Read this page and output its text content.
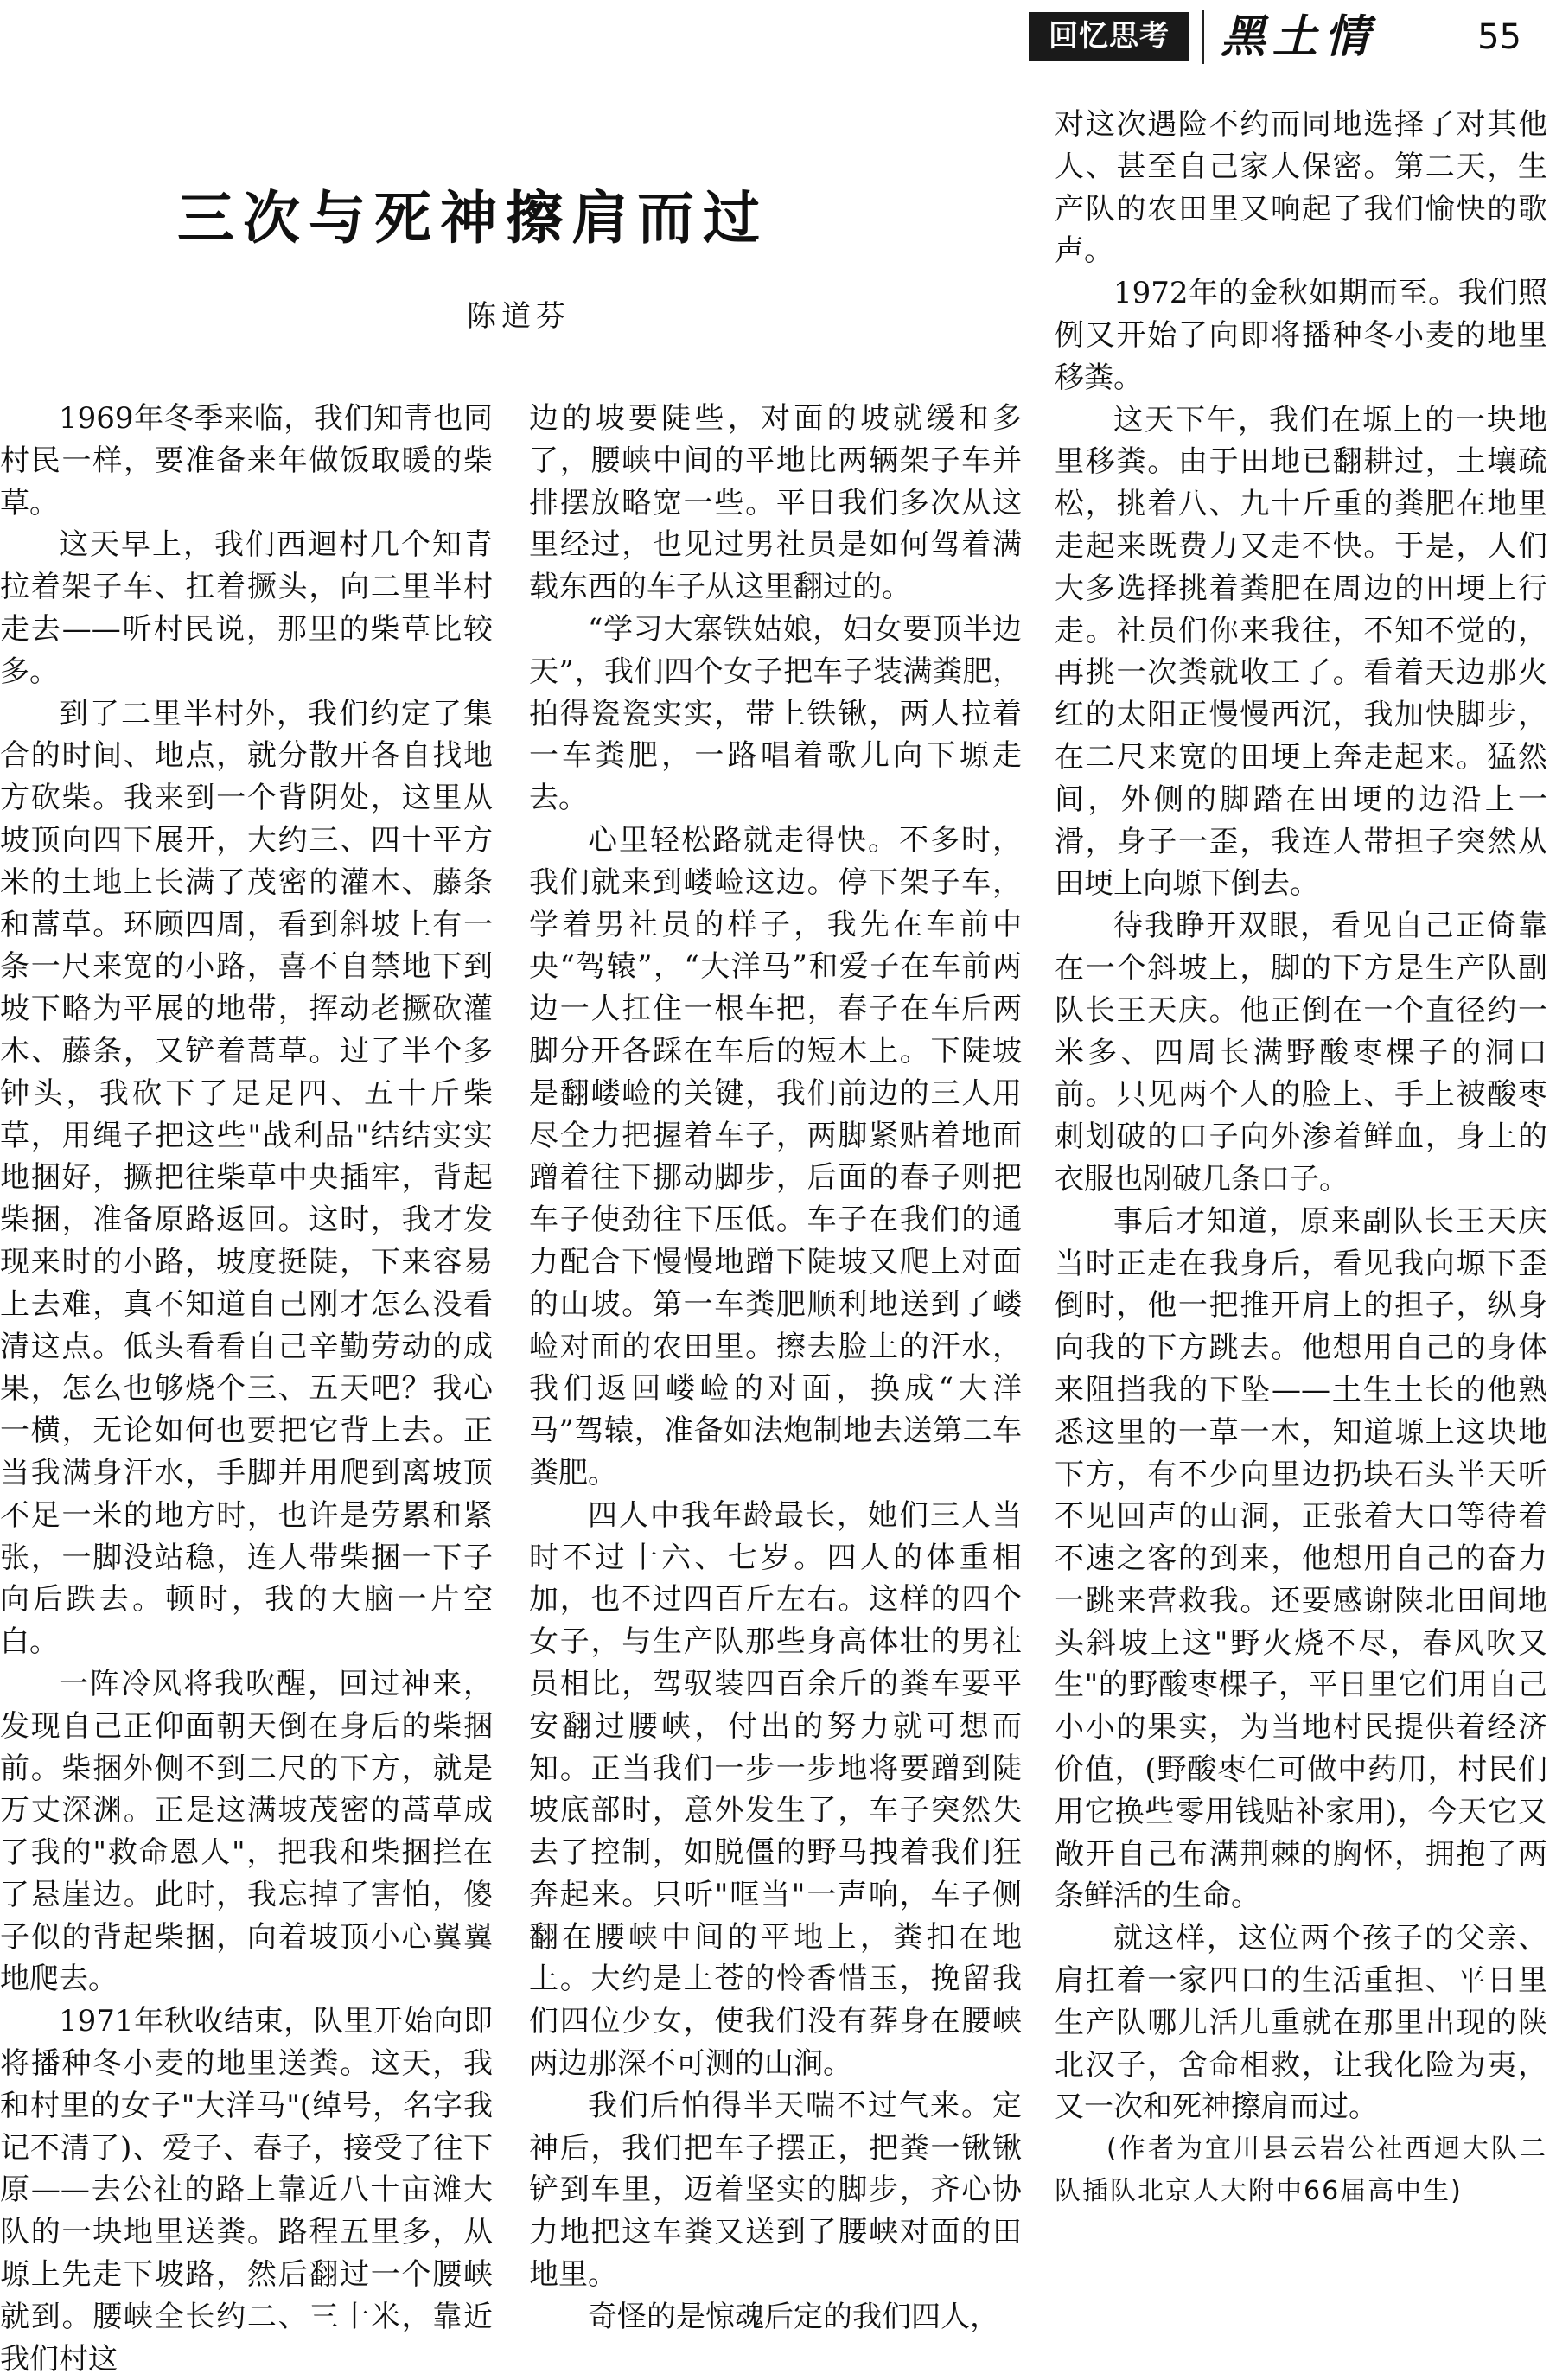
回忆思考	黑土情	55
三次与死神擦肩而过
陈道芬

1969年冬季来临，我们知青也同村民一样，要准备来年做饭取暖的柴草。

这天早上，我们西迴村几个知青拉着架子车、扛着撅头，向二里半村走去——听村民说，那里的柴草比较多。

到了二里半村外，我们约定了集合的时间、地点，就分散开各自找地方砍柴。我来到一个背阴处，这里从坡顶向四下展开，大约三、四十平方米的土地上长满了茂密的灌木、藤条和蒿草。环顾四周，看到斜坡上有一条一尺来宽的小路，喜不自禁地下到坡下略为平展的地带，挥动老撅砍灌木、藤条，又铲着蒿草。过了半个多钟头，我砍下了足足四、五十斤柴草，用绳子把这些"战利品"结结实实地捆好，撅把往柴草中央插牢，背起柴捆，准备原路返回。这时，我才发现来时的小路，坡度挺陡，下来容易上去难，真不知道自己刚才怎么没看清这点。低头看看自己辛勤劳动的成果，怎么也够烧个三、五天吧？我心一横，无论如何也要把它背上去。正当我满身汗水，手脚并用爬到离坡顶不足一米的地方时，也许是劳累和紧张，一脚没站稳，连人带柴捆一下子向后跌去。顿时，我的大脑一片空白。

一阵冷风将我吹醒，回过神来，发现自己正仰面朝天倒在身后的柴捆前。柴捆外侧不到二尺的下方，就是万丈深渊。正是这满坡茂密的蒿草成了我的"救命恩人"，把我和柴捆拦在了悬崖边。此时，我忘掉了害怕，傻子似的背起柴捆，向着坡顶小心翼翼地爬去。

1971年秋收结束，队里开始向即将播种冬小麦的地里送粪。这天，我和村里的女子"大洋马"(绰号，名字我记不清了)、爱子、春子，接受了往下原——去公社的路上靠近八十亩滩大队的一块地里送粪。路程五里多，从塬上先走下坡路，然后翻过一个腰峡就到。腰峡全长约二、三十米，靠近我们村这

边的坡要陡些，对面的坡就缓和多了，腰峡中间的平地比两辆架子车并排摆放略宽一些。平日我们多次从这里经过，也见过男社员是如何驾着满载东西的车子从这里翻过的。

“学习大寨铁姑娘，妇女要顶半边天”，我们四个女子把车子装满粪肥，拍得瓷瓷实实，带上铁锹，两人拉着一车粪肥，一路唱着歌儿向下塬走去。

心里轻松路就走得快。不多时，我们就来到嵝崄这边。停下架子车，学着男社员的样子，我先在车前中央“驾辕”，“大洋马”和爱子在车前两边一人扛住一根车把，春子在车后两脚分开各踩在车后的短木上。下陡坡是翻嵝崄的关键，我们前边的三人用尽全力把握着车子，两脚紧贴着地面蹭着往下挪动脚步，后面的春子则把车子使劲往下压低。车子在我们的通力配合下慢慢地蹭下陡坡又爬上对面的山坡。第一车粪肥顺利地送到了嵝崄对面的农田里。擦去脸上的汗水，我们返回嵝崄的对面，换成“大洋马”驾辕，准备如法炮制地去送第二车粪肥。

四人中我年龄最长，她们三人当时不过十六、七岁。四人的体重相加，也不过四百斤左右。这样的四个女子，与生产队那些身高体壮的男社员相比，驾驭装四百余斤的粪车要平安翻过腰峡，付出的努力就可想而知。正当我们一步一步地将要蹭到陡坡底部时，意外发生了，车子突然失去了控制，如脱僵的野马拽着我们狂奔起来。只听"哐当"一声响，车子侧翻在腰峡中间的平地上，粪扣在地上。大约是上苍的怜香惜玉，挽留我们四位少女，使我们没有葬身在腰峡两边那深不可测的山涧。

我们后怕得半天喘不过气来。定神后，我们把车子摆正，把粪一锹锹铲到车里，迈着坚实的脚步，齐心协力地把这车粪又送到了腰峡对面的田地里。

奇怪的是惊魂后定的我们四人，

对这次遇险不约而同地选择了对其他人、甚至自己家人保密。第二天，生产队的农田里又响起了我们愉快的歌声。

1972年的金秋如期而至。我们照例又开始了向即将播种冬小麦的地里移粪。

这天下午，我们在塬上的一块地里移粪。由于田地已翻耕过，土壤疏松，挑着八、九十斤重的粪肥在地里走起来既费力又走不快。于是，人们大多选择挑着粪肥在周边的田埂上行走。社员们你来我往，不知不觉的，再挑一次粪就收工了。看着天边那火红的太阳正慢慢西沉，我加快脚步，在二尺来宽的田埂上奔走起来。猛然间，外侧的脚踏在田埂的边沿上一滑，身子一歪，我连人带担子突然从田埂上向塬下倒去。

待我睁开双眼，看见自己正倚靠在一个斜坡上，脚的下方是生产队副队长王天庆。他正倒在一个直径约一米多、四周长满野酸枣棵子的洞口前。只见两个人的脸上、手上被酸枣刺划破的口子向外渗着鲜血，身上的衣服也剐破几条口子。

事后才知道，原来副队长王天庆当时正走在我身后，看见我向塬下歪倒时，他一把推开肩上的担子，纵身向我的下方跳去。他想用自己的身体来阻挡我的下坠——土生土长的他熟悉这里的一草一木，知道塬上这块地下方，有不少向里边扔块石头半天听不见回声的山洞，正张着大口等待着不速之客的到来，他想用自己的奋力一跳来营救我。还要感谢陕北田间地头斜坡上这"野火烧不尽，春风吹又生"的野酸枣棵子，平日里它们用自己小小的果实，为当地村民提供着经济价值，(野酸枣仁可做中药用，村民们用它换些零用钱贴补家用)，今天它又敞开自己布满荆棘的胸怀，拥抱了两条鲜活的生命。

就这样，这位两个孩子的父亲、肩扛着一家四口的生活重担、平日里生产队哪儿活儿重就在那里出现的陕北汉子，舍命相救，让我化险为夷，又一次和死神擦肩而过。

(作者为宜川县云岩公社西迴大队二队插队北京人大附中66届高中生)
